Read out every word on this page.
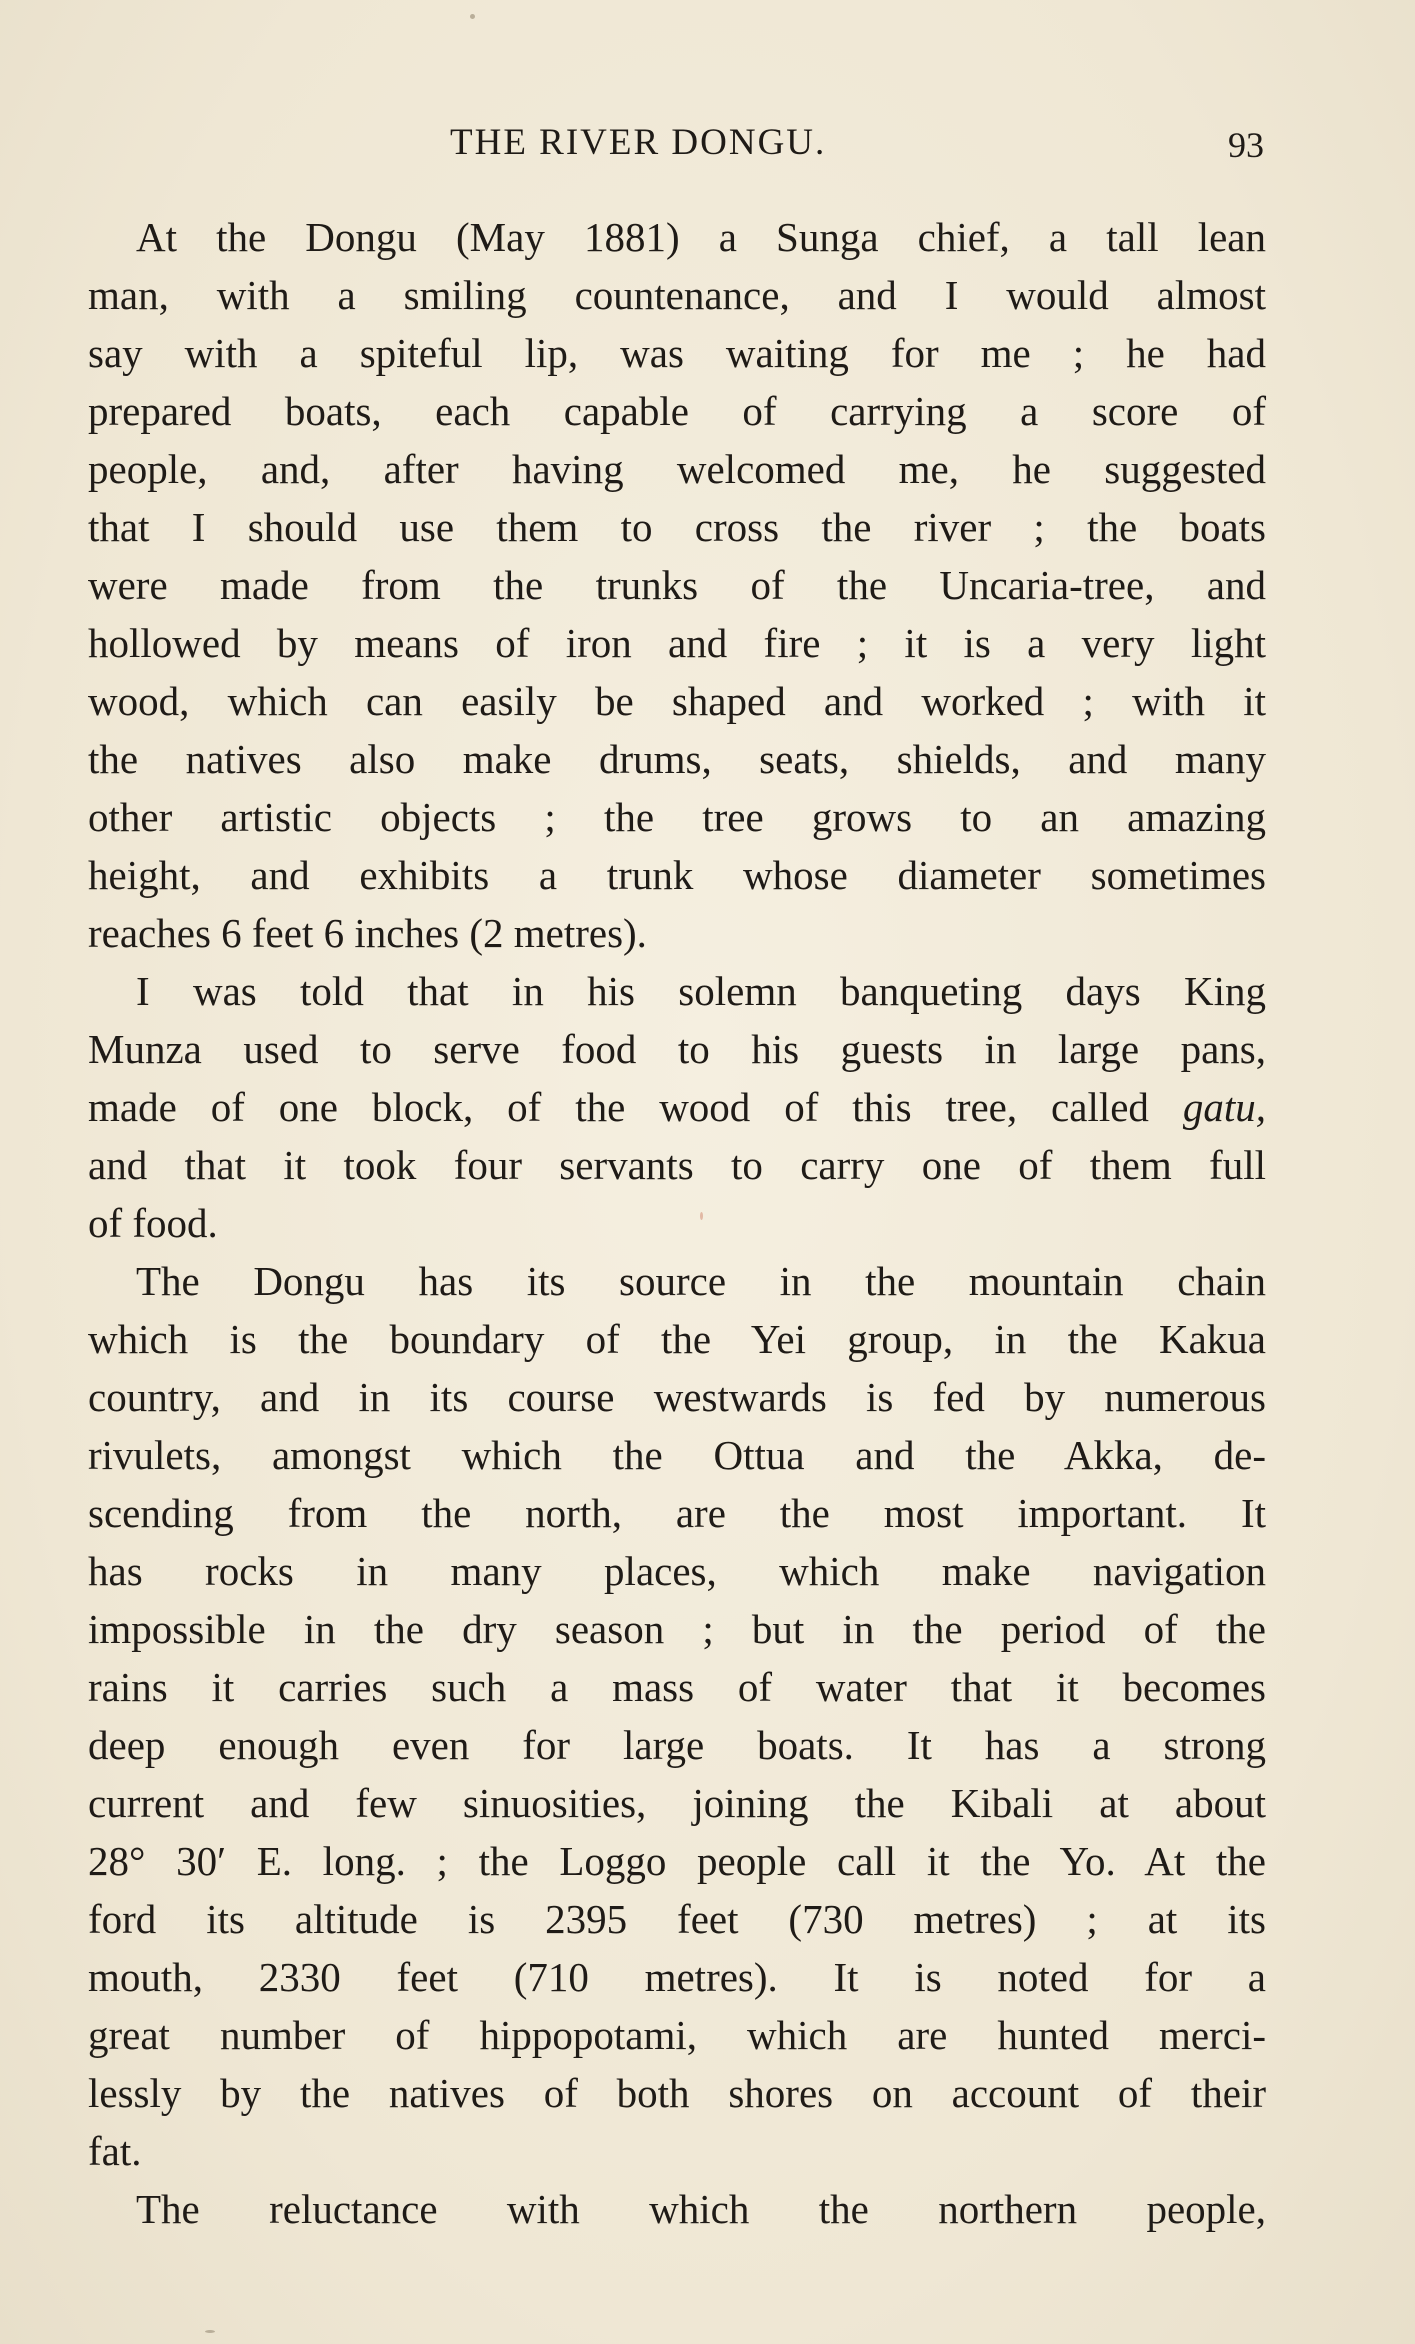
THE RIVER DONGU.	93
At the Dongu (May 1881) a Sunga chief, a tall lean
man, with a smiling countenance, and I would almost
say with a spiteful lip, was waiting for me ; he had
prepared boats, each capable of carrying a score of
people, and, after having welcomed me, he suggested
that I should use them to cross the river ; the boats
were made from the trunks of the Uncaria-tree, and
hollowed by means of iron and fire ; it is a very light
wood, which can easily be shaped and worked ; with it
the natives also make drums, seats, shields, and many
other artistic objects ; the tree grows to an amazing
height, and exhibits a trunk whose diameter sometimes
reaches 6 feet 6 inches (2 metres).
I was told that in his solemn banqueting days King
Munza used to serve food to his guests in large pans,
made of one block, of the wood of this tree, called gatu,
and that it took four servants to carry one of them full
of food.
The Dongu has its source in the mountain chain
which is the boundary of the Yei group, in the Kakua
country, and in its course westwards is fed by numerous
rivulets, amongst which the Ottua and the Akka, de-
scending from the north, are the most important. It
has rocks in many places, which make navigation
impossible in the dry season ; but in the period of the
rains it carries such a mass of water that it becomes
deep enough even for large boats. It has a strong
current and few sinuosities, joining the Kibali at about
28° 30′ E. long. ; the Loggo people call it the Yo. At the
ford its altitude is 2395 feet (730 metres) ; at its
mouth, 2330 feet (710 metres). It is noted for a
great number of hippopotami, which are hunted merci-
lessly by the natives of both shores on account of their
fat.
The reluctance with which the northern people,
